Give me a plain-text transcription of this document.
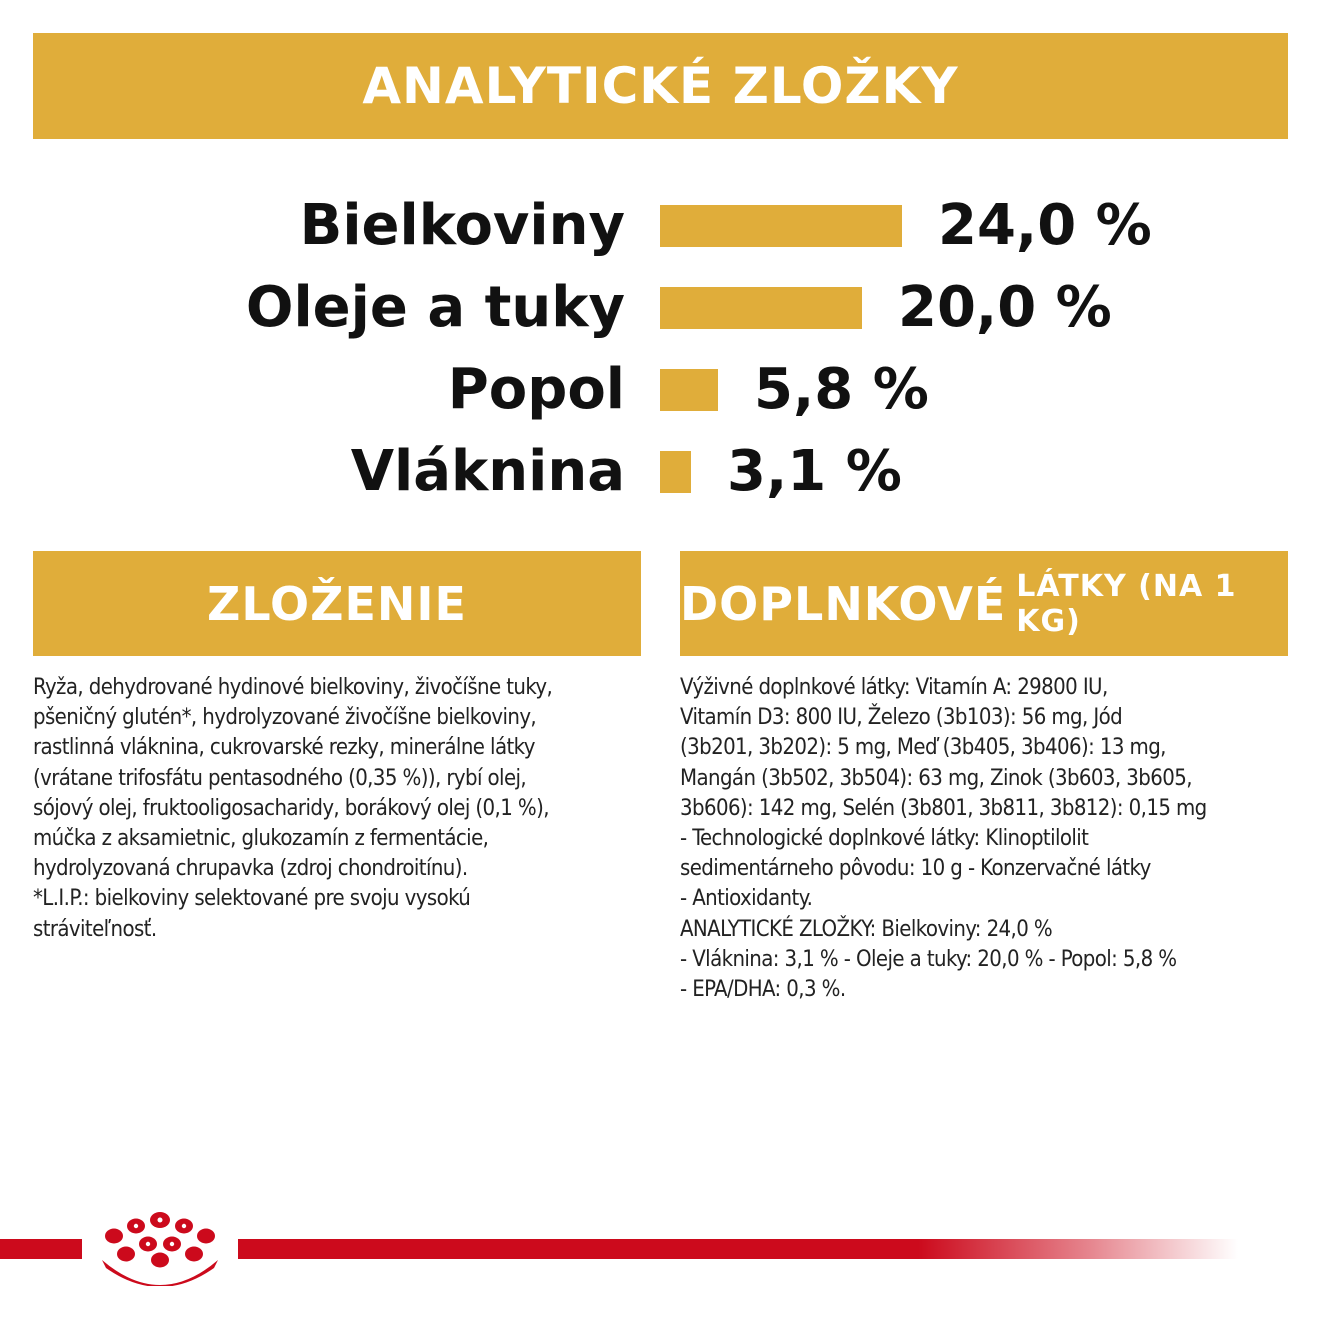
ANALYTICKÉ ZLOŽKY
Bielkoviny	24,0 %
Oleje a tuky	20,0 %
Popol 5,8 %
Vláknina 3,1 %
ZLOŽENIE	DOPLNKOVÉ LÁTKY (NA 1 KG)
Ryža, dehydrované hydinové bielkoviny, živočíšne tuky,
pšeničný glutén*, hydrolyzované živočíšne bielkoviny,
rastlinná vláknina, cukrovarské rezky, minerálne látky
(vrátane trifosfátu pentasodného (0,35 %)), rybí olej,
sójový olej, fruktooligosacharidy, borákový olej (0,1 %),
múčka z aksamietnic, glukozamín z fermentácie,
hydrolyzovaná chrupavka (zdroj chondroitínu).
*L.I.P.: bielkoviny selektované pre svoju vysokú
stráviteľnosť.
Výživné doplnkové látky: Vitamín A: 29800 IU,
Vitamín D3: 800 IU, Železo (3b103): 56 mg, Jód
(3b201, 3b202): 5 mg, Meď (3b405, 3b406): 13 mg,
Mangán (3b502, 3b504): 63 mg, Zinok (3b603, 3b605,
3b606): 142 mg, Selén (3b801, 3b811, 3b812): 0,15 mg
- Technologické doplnkové látky: Klinoptilolit
sedimentárneho pôvodu: 10 g - Konzervačné látky
- Antioxidanty.
ANALYTICKÉ ZLOŽKY: Bielkoviny: 24,0 %
- Vláknina: 3,1 % - Oleje a tuky: 20,0 % - Popol: 5,8 %
- EPA/DHA: 0,3 %.
